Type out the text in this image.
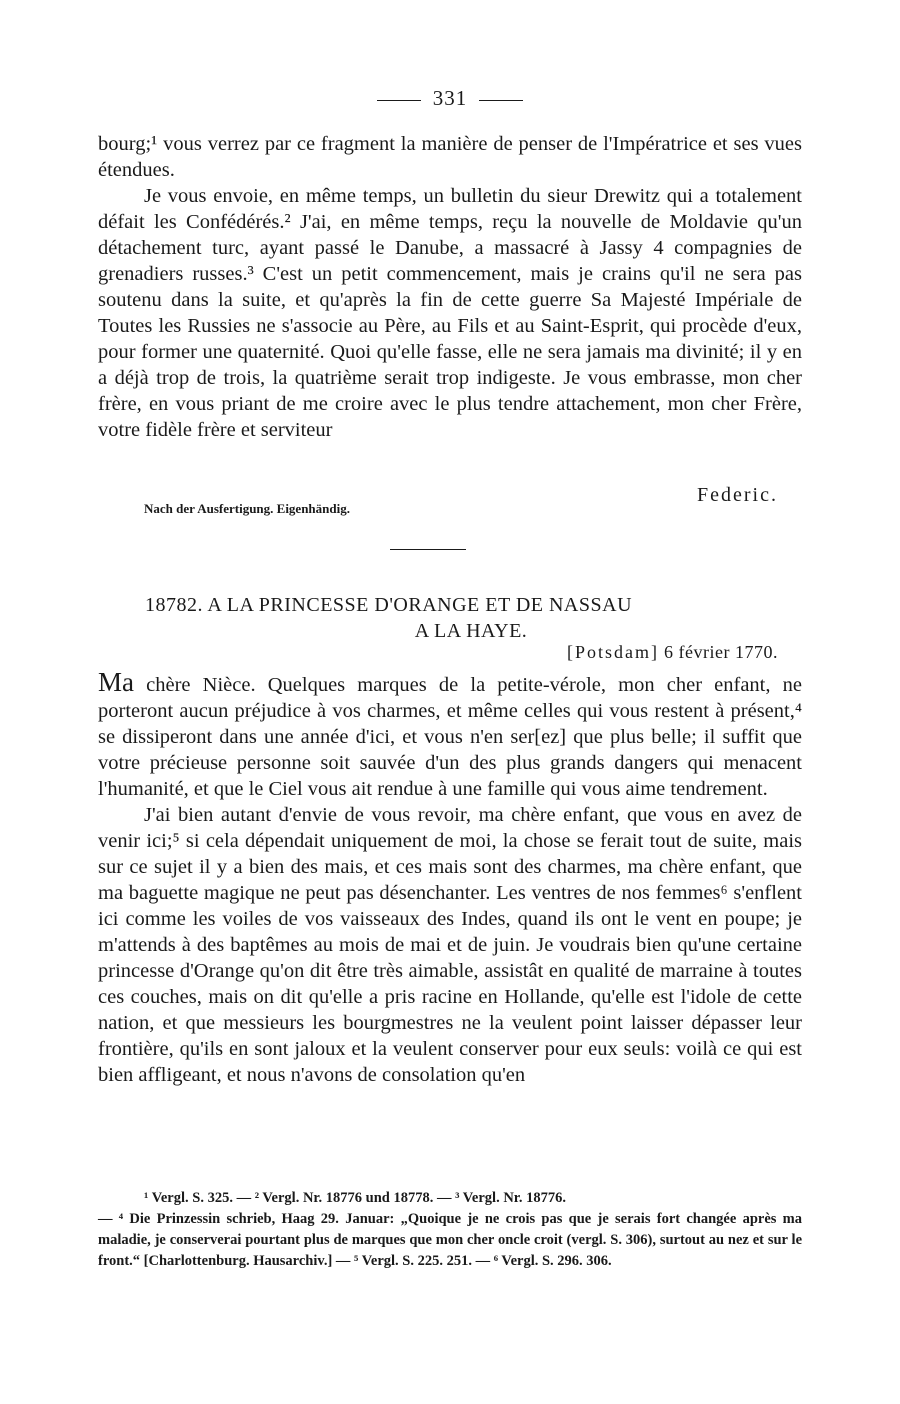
331

bourg;¹ vous verrez par ce fragment la manière de penser de l'Impératrice et ses vues étendues.

Je vous envoie, en même temps, un bulletin du sieur Drewitz qui a totalement défait les Confédérés.² J'ai, en même temps, reçu la nouvelle de Moldavie qu'un détachement turc, ayant passé le Danube, a massacré à Jassy 4 compagnies de grenadiers russes.³ C'est un petit commencement, mais je crains qu'il ne sera pas soutenu dans la suite, et qu'après la fin de cette guerre Sa Majesté Impériale de Toutes les Russies ne s'associe au Père, au Fils et au Saint-Esprit, qui procède d'eux, pour former une quaternité. Quoi qu'elle fasse, elle ne sera jamais ma divinité; il y en a déjà trop de trois, la quatrième serait trop indigeste. Je vous embrasse, mon cher frère, en vous priant de me croire avec le plus tendre attachement, mon cher Frère, votre fidèle frère et serviteur

Federic.
Nach der Ausfertigung. Eigenhändig.
18782. A LA PRINCESSE D'ORANGE ET DE NASSAU
A LA HAYE.
[Potsdam] 6 février 1770.

Ma chère Nièce. Quelques marques de la petite-vérole, mon cher enfant, ne porteront aucun préjudice à vos charmes, et même celles qui vous restent à présent,⁴ se dissiperont dans une année d'ici, et vous n'en ser[ez] que plus belle; il suffit que votre précieuse personne soit sauvée d'un des plus grands dangers qui menacent l'humanité, et que le Ciel vous ait rendue à une famille qui vous aime tendrement.

J'ai bien autant d'envie de vous revoir, ma chère enfant, que vous en avez de venir ici;⁵ si cela dépendait uniquement de moi, la chose se ferait tout de suite, mais sur ce sujet il y a bien des mais, et ces mais sont des charmes, ma chère enfant, que ma baguette magique ne peut pas désenchanter. Les ventres de nos femmes⁶ s'enflent ici comme les voiles de vos vaisseaux des Indes, quand ils ont le vent en poupe; je m'attends à des baptêmes au mois de mai et de juin. Je voudrais bien qu'une certaine princesse d'Orange qu'on dit être très aimable, assistât en qualité de marraine à toutes ces couches, mais on dit qu'elle a pris racine en Hollande, qu'elle est l'idole de cette nation, et que messieurs les bourgmestres ne la veulent point laisser dépasser leur frontière, qu'ils en sont jaloux et la veulent conserver pour eux seuls: voilà ce qui est bien affligeant, et nous n'avons de consolation qu'en

¹ Vergl. S. 325. — ² Vergl. Nr. 18776 und 18778. — ³ Vergl. Nr. 18776.
— ⁴ Die Prinzessin schrieb, Haag 29. Januar: „Quoique je ne crois pas que je serais fort changée après ma maladie, je conserverai pourtant plus de marques que mon cher oncle croit (vergl. S. 306), surtout au nez et sur le front.“ [Charlottenburg. Hausarchiv.] — ⁵ Vergl. S. 225. 251. — ⁶ Vergl. S. 296. 306.
